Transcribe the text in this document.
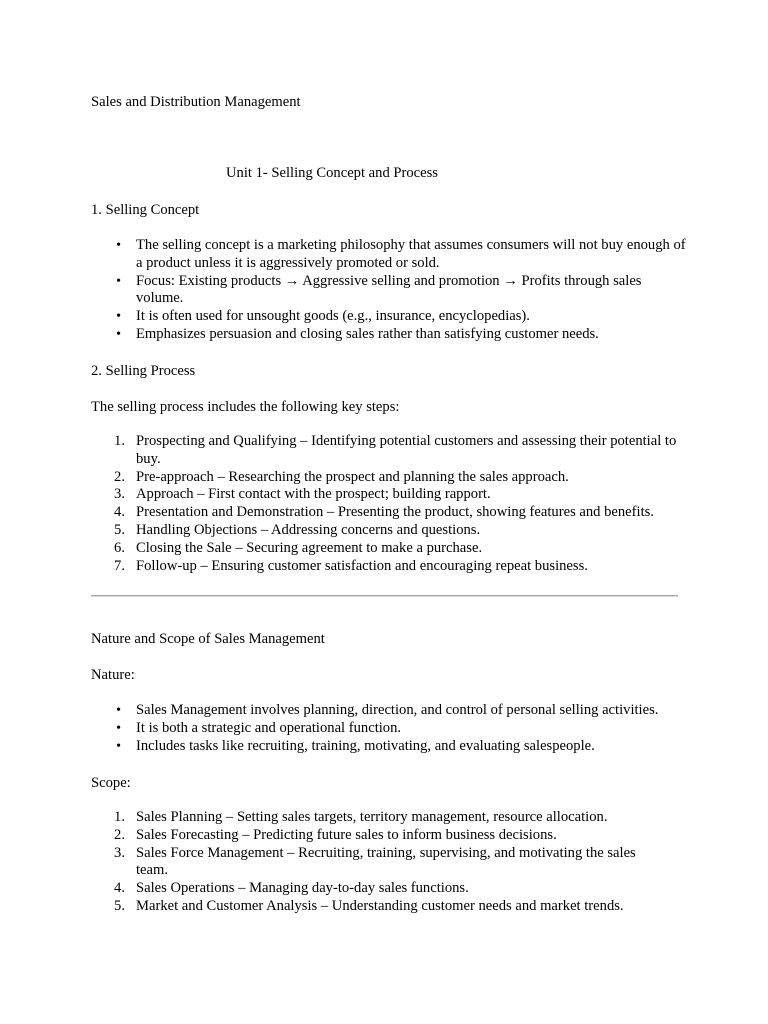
Sales and Distribution Management

Unit 1- Selling Concept and Process

1. Selling Concept

• The selling concept is a marketing philosophy that assumes consumers will not buy enough of a product unless it is aggressively promoted or sold.
• Focus: Existing products → Aggressive selling and promotion → Profits through sales volume.
• It is often used for unsought goods (e.g., insurance, encyclopedias).
• Emphasizes persuasion and closing sales rather than satisfying customer needs.

2. Selling Process

The selling process includes the following key steps:

1. Prospecting and Qualifying – Identifying potential customers and assessing their potential to buy.
2. Pre-approach – Researching the prospect and planning the sales approach.
3. Approach – First contact with the prospect; building rapport.
4. Presentation and Demonstration – Presenting the product, showing features and benefits.
5. Handling Objections – Addressing concerns and questions.
6. Closing the Sale – Securing agreement to make a purchase.
7. Follow-up – Ensuring customer satisfaction and encouraging repeat business.

Nature and Scope of Sales Management

Nature:

• Sales Management involves planning, direction, and control of personal selling activities.
• It is both a strategic and operational function.
• Includes tasks like recruiting, training, motivating, and evaluating salespeople.

Scope:

1. Sales Planning – Setting sales targets, territory management, resource allocation.
2. Sales Forecasting – Predicting future sales to inform business decisions.
3. Sales Force Management – Recruiting, training, supervising, and motivating the sales team.
4. Sales Operations – Managing day-to-day sales functions.
5. Market and Customer Analysis – Understanding customer needs and market trends.
